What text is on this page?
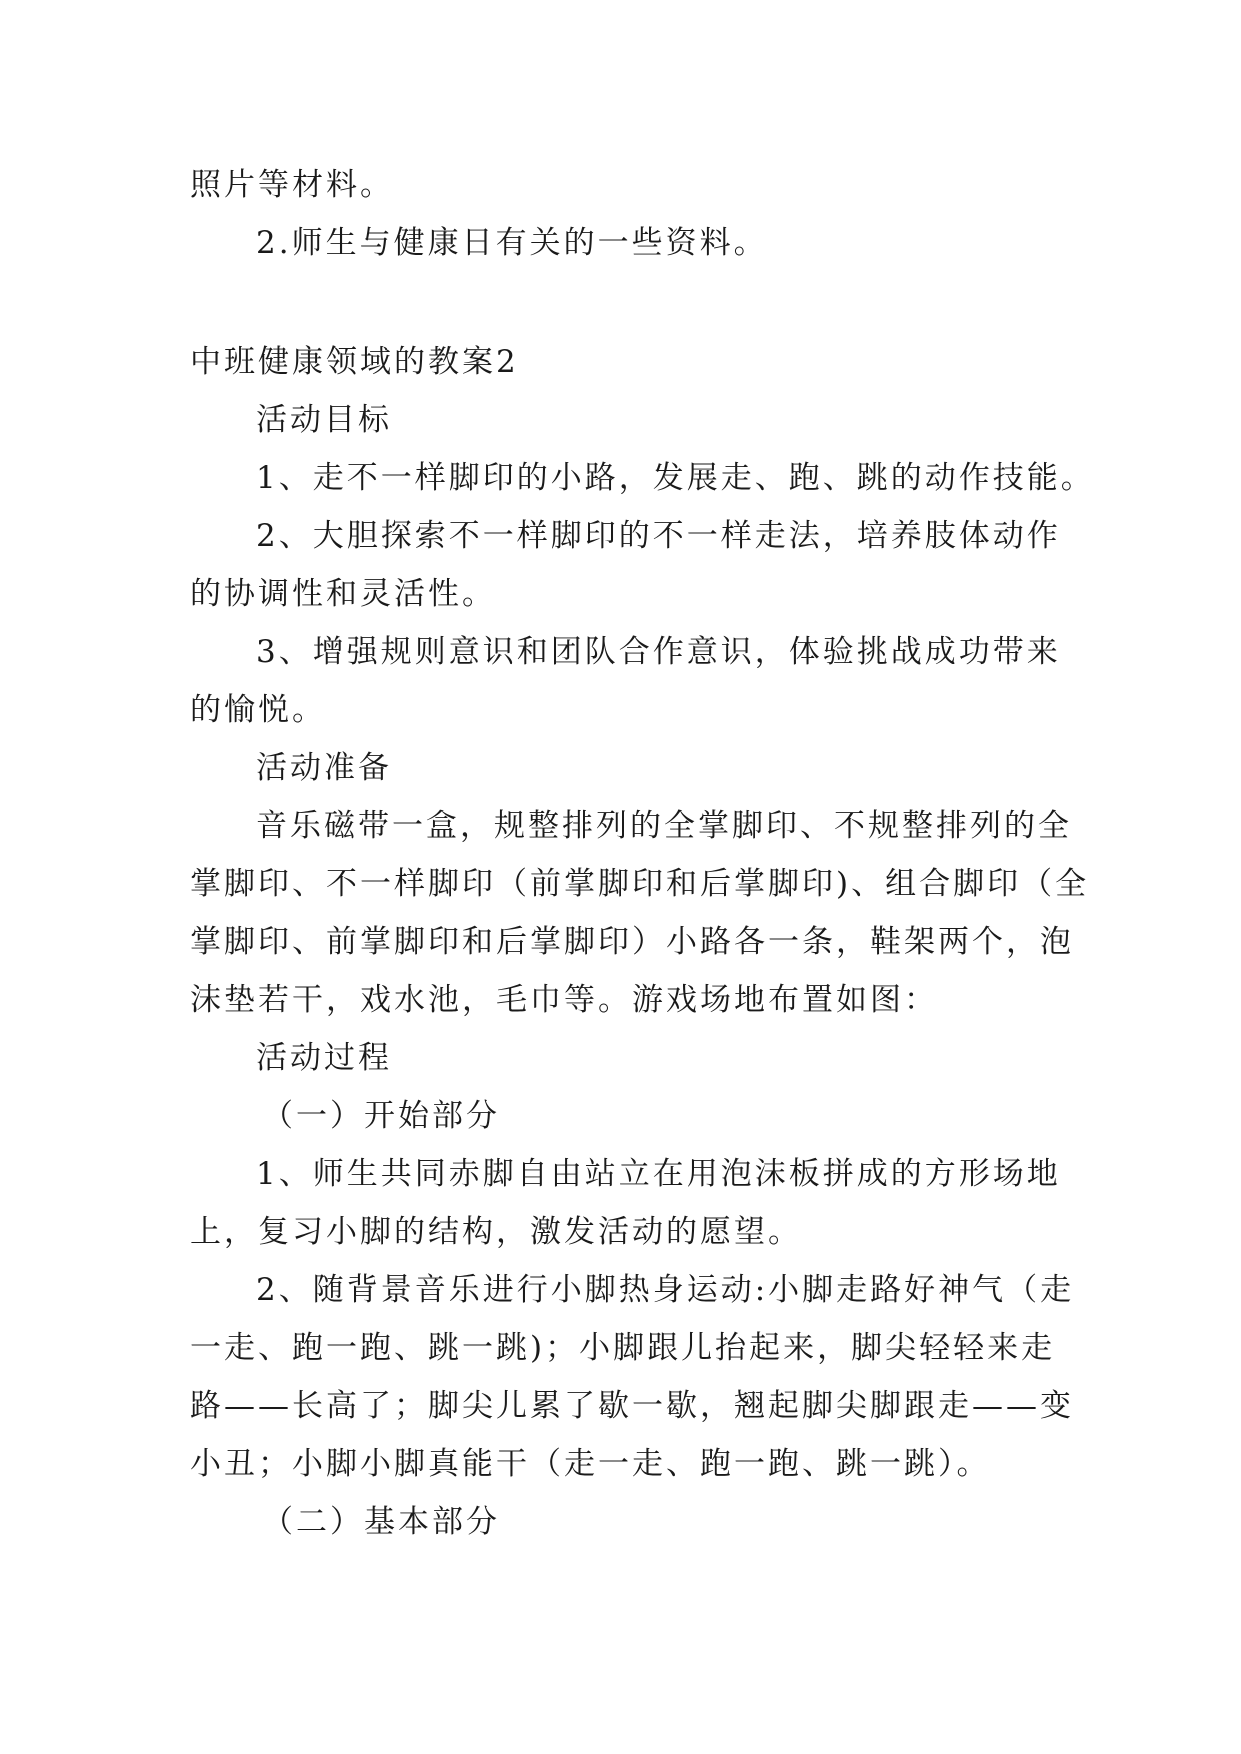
照片等材料。
2.师生与健康日有关的一些资料。
中班健康领域的教案2
活动目标
1、走不一样脚印的小路，发展走、跑、跳的动作技能。
2、大胆探索不一样脚印的不一样走法，培养肢体动作
的协调性和灵活性。
3、增强规则意识和团队合作意识，体验挑战成功带来
的愉悦。
活动准备
音乐磁带一盒，规整排列的全掌脚印、不规整排列的全
掌脚印、不一样脚印（前掌脚印和后掌脚印)、组合脚印（全
掌脚印、前掌脚印和后掌脚印）小路各一条，鞋架两个，泡
沫垫若干，戏水池，毛巾等。游戏场地布置如图：
活动过程
（一）开始部分
1、师生共同赤脚自由站立在用泡沫板拼成的方形场地
上，复习小脚的结构，激发活动的愿望。
2、随背景音乐进行小脚热身运动:小脚走路好神气（走
一走、跑一跑、跳一跳)；小脚跟儿抬起来，脚尖轻轻来走
路——长高了；脚尖儿累了歇一歇，翘起脚尖脚跟走——变
小丑；小脚小脚真能干（走一走、跑一跑、跳一跳）。
（二）基本部分
